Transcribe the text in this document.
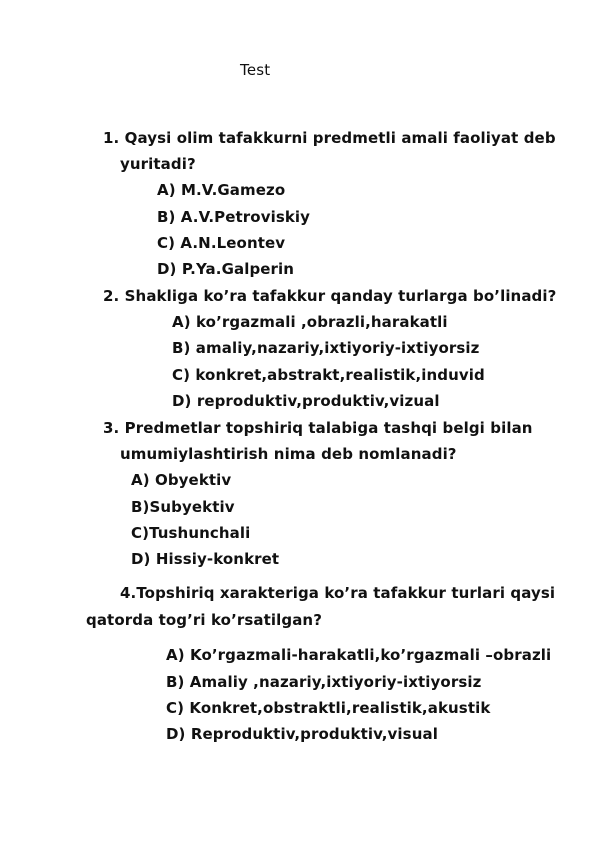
Test
1. Qaysi olim tafakkurni predmetli amali faoliyat deb
yuritadi?
A) M.V.Gamezo
B) A.V.Petroviskiy
C) A.N.Leontev
D) P.Ya.Galperin
2. Shakliga ko’ra tafakkur qanday turlarga bo’linadi?
A) ko’rgazmali ,obrazli,harakatli
B) amaliy,nazariy,ixtiyoriy-ixtiyorsiz
C) konkret,abstrakt,realistik,induvid
D) reproduktiv,produktiv,vizual
3. Predmetlar topshiriq talabiga tashqi belgi bilan
umumiylashtirish nima deb nomlanadi?
A) Obyektiv
B)Subyektiv
C)Tushunchali
D) Hissiy-konkret
4.Topshiriq xarakteriga ko’ra tafakkur turlari qaysi
qatorda tog’ri ko’rsatilgan?
A) Ko’rgazmali-harakatli,ko’rgazmali –obrazli
B) Amaliy ,nazariy,ixtiyoriy-ixtiyorsiz
C) Konkret,obstraktli,realistik,akustik
D) Reproduktiv,produktiv,visual
